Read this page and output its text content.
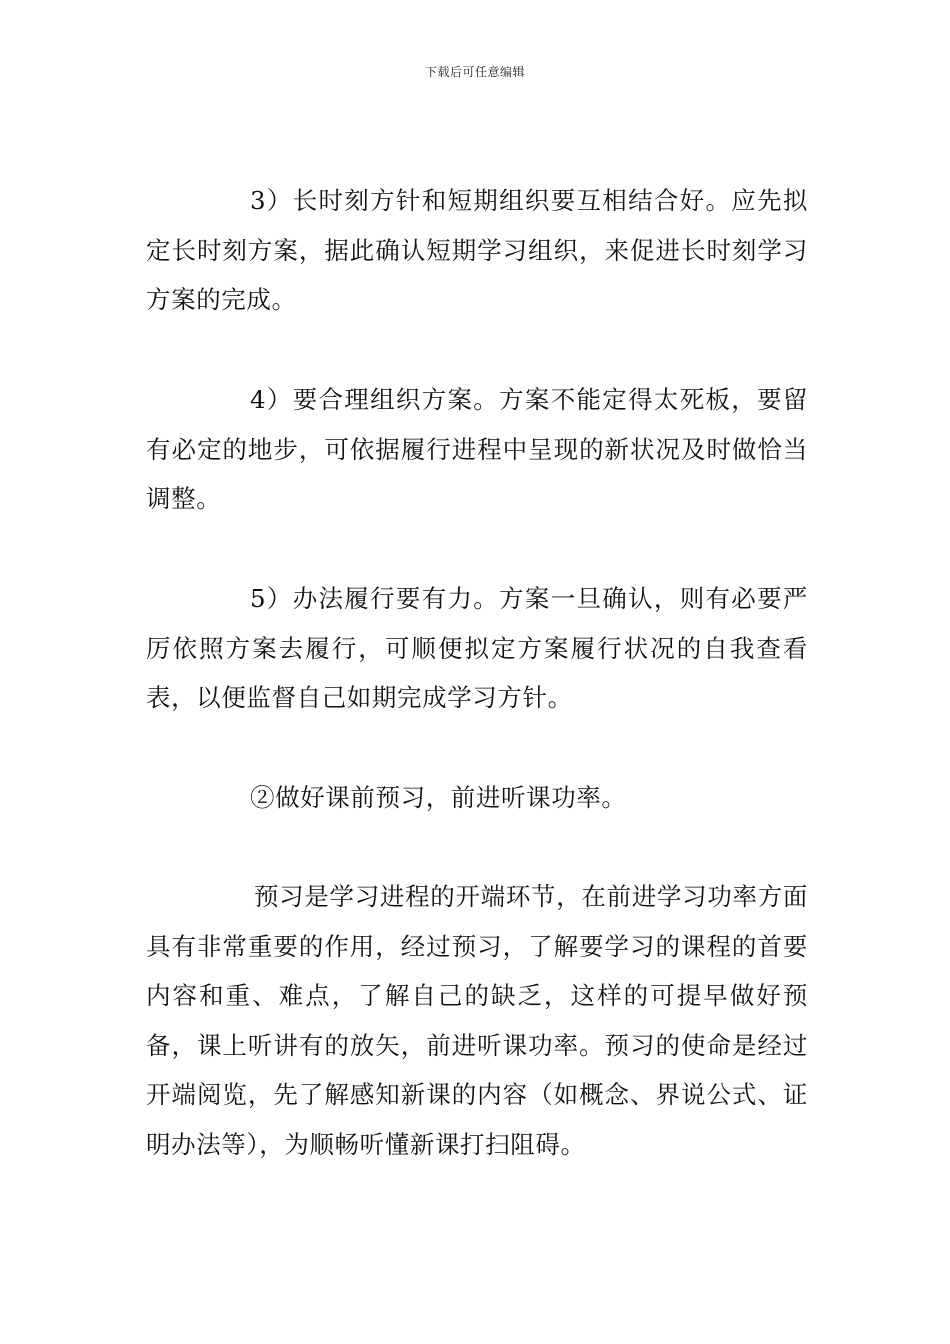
下载后可任意编辑

3）长时刻方针和短期组织要互相结合好。应先拟定长时刻方案，据此确认短期学习组织，来促进长时刻学习方案的完成。

4）要合理组织方案。方案不能定得太死板，要留有必定的地步，可依据履行进程中呈现的新状况及时做恰当调整。

5）办法履行要有力。方案一旦确认，则有必要严厉依照方案去履行，可顺便拟定方案履行状况的自我查看表，以便监督自己如期完成学习方针。

②做好课前预习，前进听课功率。

预习是学习进程的开端环节，在前进学习功率方面具有非常重要的作用，经过预习，了解要学习的课程的首要内容和重、难点，了解自己的缺乏，这样的可提早做好预备，课上听讲有的放矢，前进听课功率。预习的使命是经过开端阅览，先了解感知新课的内容（如概念、界说公式、证明办法等），为顺畅听懂新课打扫阻碍。
